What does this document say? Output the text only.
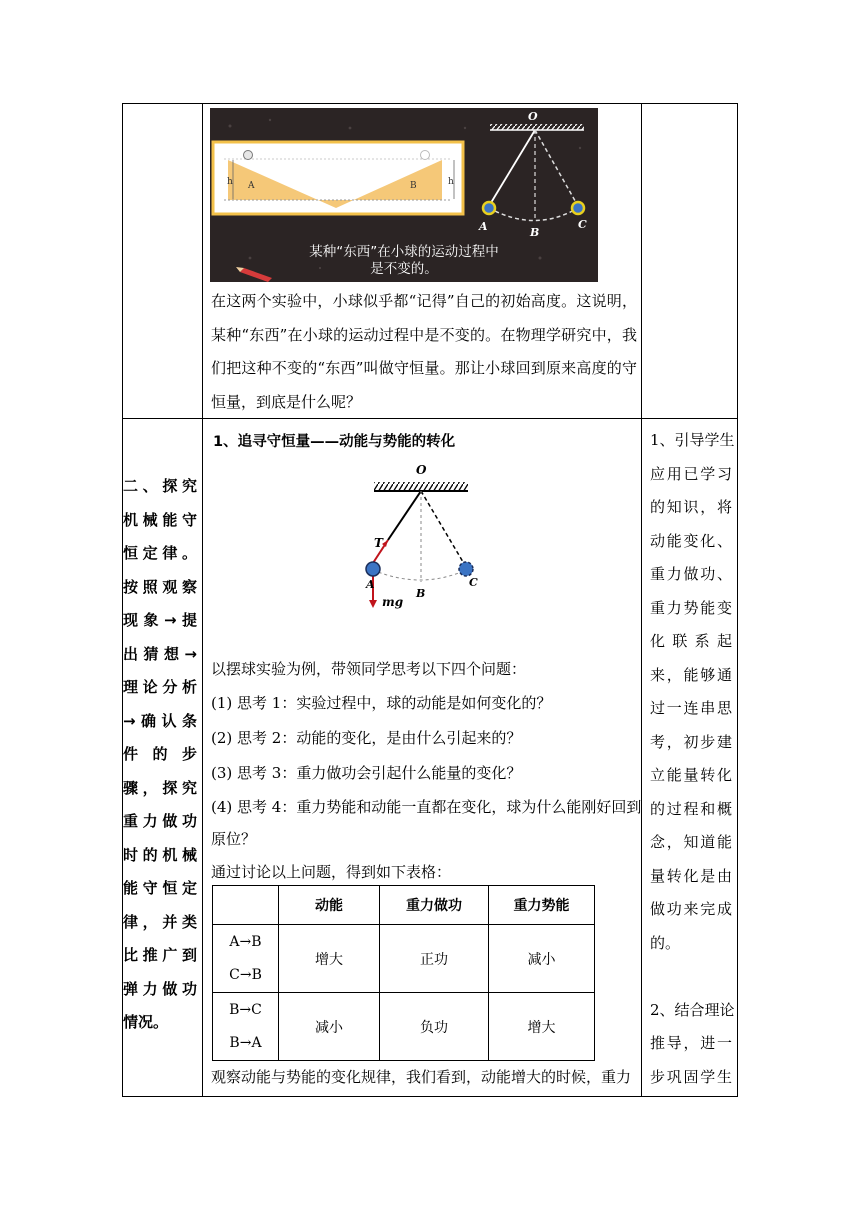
h	h
A	B
O
A	B
C
某种“东西”在小球的运动过程中
是不变的。
在这两个实验中，小球似乎都“记得”自己的初始高度。这说明，某种“东西”在小球的运动过程中是不变的。在物理学研究中，我们把这种不变的“东西”叫做守恒量。那让小球回到原来高度的守恒量，到底是什么呢？
二、探究
机械能守
恒定律。
按照观察
现象→提
出猜想→
理论分析
→确认条
件 的 步
骤，探究
重力做功
时的机械
能守恒定
律，并类
比推广到
弹力做功
情况。
1、追寻守恒量——动能与势能的转化
O
T
A
B
C
mg
以摆球实验为例，带领同学思考以下四个问题：
(1) 思考 1：实验过程中，球的动能是如何变化的？
(2) 思考 2：动能的变化，是由什么引起来的？
(3) 思考 3：重力做功会引起什么能量的变化？
(4) 思考 4：重力势能和动能一直都在变化，球为什么能刚好回到
原位？
通过讨论以上问题，得到如下表格：
	动能	重力做功	重力势能

A→B
C→B	增大	正功	减小

B→C
B→A	减小	负功	增大
观察动能与势能的变化规律，我们看到，动能增大的时候，重力
1、引导学生
应用已学习
的知识，将
动能变化、
重力做功、
重力势能变
化 联 系 起
来，能够通
过一连串思
考，初步建
立能量转化
的过程和概
念，知道能
量转化是由
做功来完成
的。
2、结合理论
推导，进一
步巩固学生
